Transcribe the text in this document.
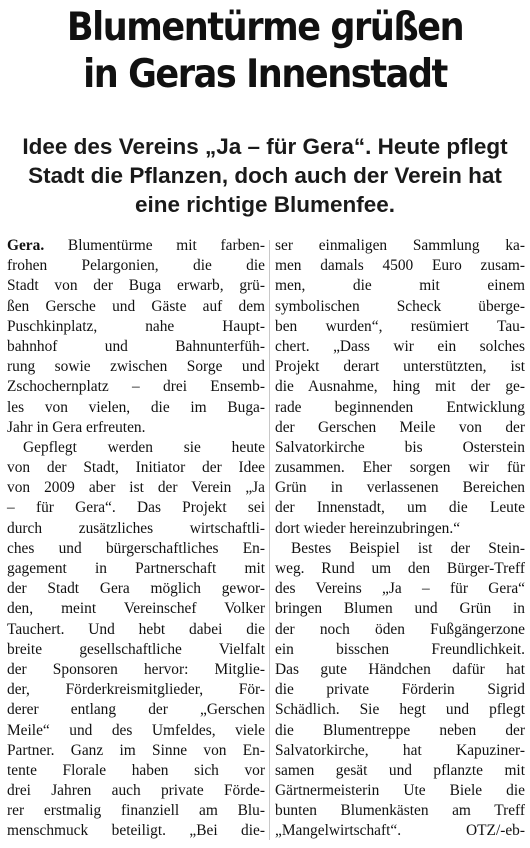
Blumentürme grüßen
in Geras Innenstadt
Idee des Vereins „Ja – für Gera“. Heute pflegt
Stadt die Pflanzen, doch auch der Verein hat
eine richtige Blumenfee.
Gera. Blumentürme mit farben-
frohen Pelargonien, die die
Stadt von der Buga erwarb, grü-
ßen Gersche und Gäste auf dem
Puschkinplatz, nahe Haupt-
bahnhof und Bahnunterfüh-
rung sowie zwischen Sorge und
Zschochernplatz – drei Ensemb-
les von vielen, die im Buga-
Jahr in Gera erfreuten.
Gepflegt werden sie heute
von der Stadt, Initiator der Idee
von 2009 aber ist der Verein „Ja
– für Gera“. Das Projekt sei
durch zusätzliches wirtschaftli-
ches und bürgerschaftliches En-
gagement in Partnerschaft mit
der Stadt Gera möglich gewor-
den, meint Vereinschef Volker
Tauchert. Und hebt dabei die
breite gesellschaftliche Vielfalt
der Sponsoren hervor: Mitglie-
der, Förderkreismitglieder, För-
derer entlang der „Gerschen
Meile“ und des Umfeldes, viele
Partner. Ganz im Sinne von En-
tente Florale haben sich vor
drei Jahren auch private Förde-
rer erstmalig finanziell am Blu-
menschmuck beteiligt. „Bei die-
ser einmaligen Sammlung ka-
men damals 4500 Euro zusam-
men, die mit einem
symbolischen Scheck überge-
ben wurden“, resümiert Tau-
chert. „Dass wir ein solches
Projekt derart unterstützten, ist
die Ausnahme, hing mit der ge-
rade beginnenden Entwicklung
der Gerschen Meile von der
Salvatorkirche bis Osterstein
zusammen. Eher sorgen wir für
Grün in verlassenen Bereichen
der Innenstadt, um die Leute
dort wieder hereinzubringen.“
Bestes Beispiel ist der Stein-
weg. Rund um den Bürger-Treff
des Vereins „Ja – für Gera“
bringen Blumen und Grün in
der noch öden Fußgängerzone
ein bisschen Freundlichkeit.
Das gute Händchen dafür hat
die private Förderin Sigrid
Schädlich. Sie hegt und pflegt
die Blumentreppe neben der
Salvatorkirche, hat Kapuziner-
samen gesät und pflanzte mit
Gärtnermeisterin Ute Biele die
bunten Blumenkästen am Treff
„Mangelwirtschaft“. OTZ/-eb-
